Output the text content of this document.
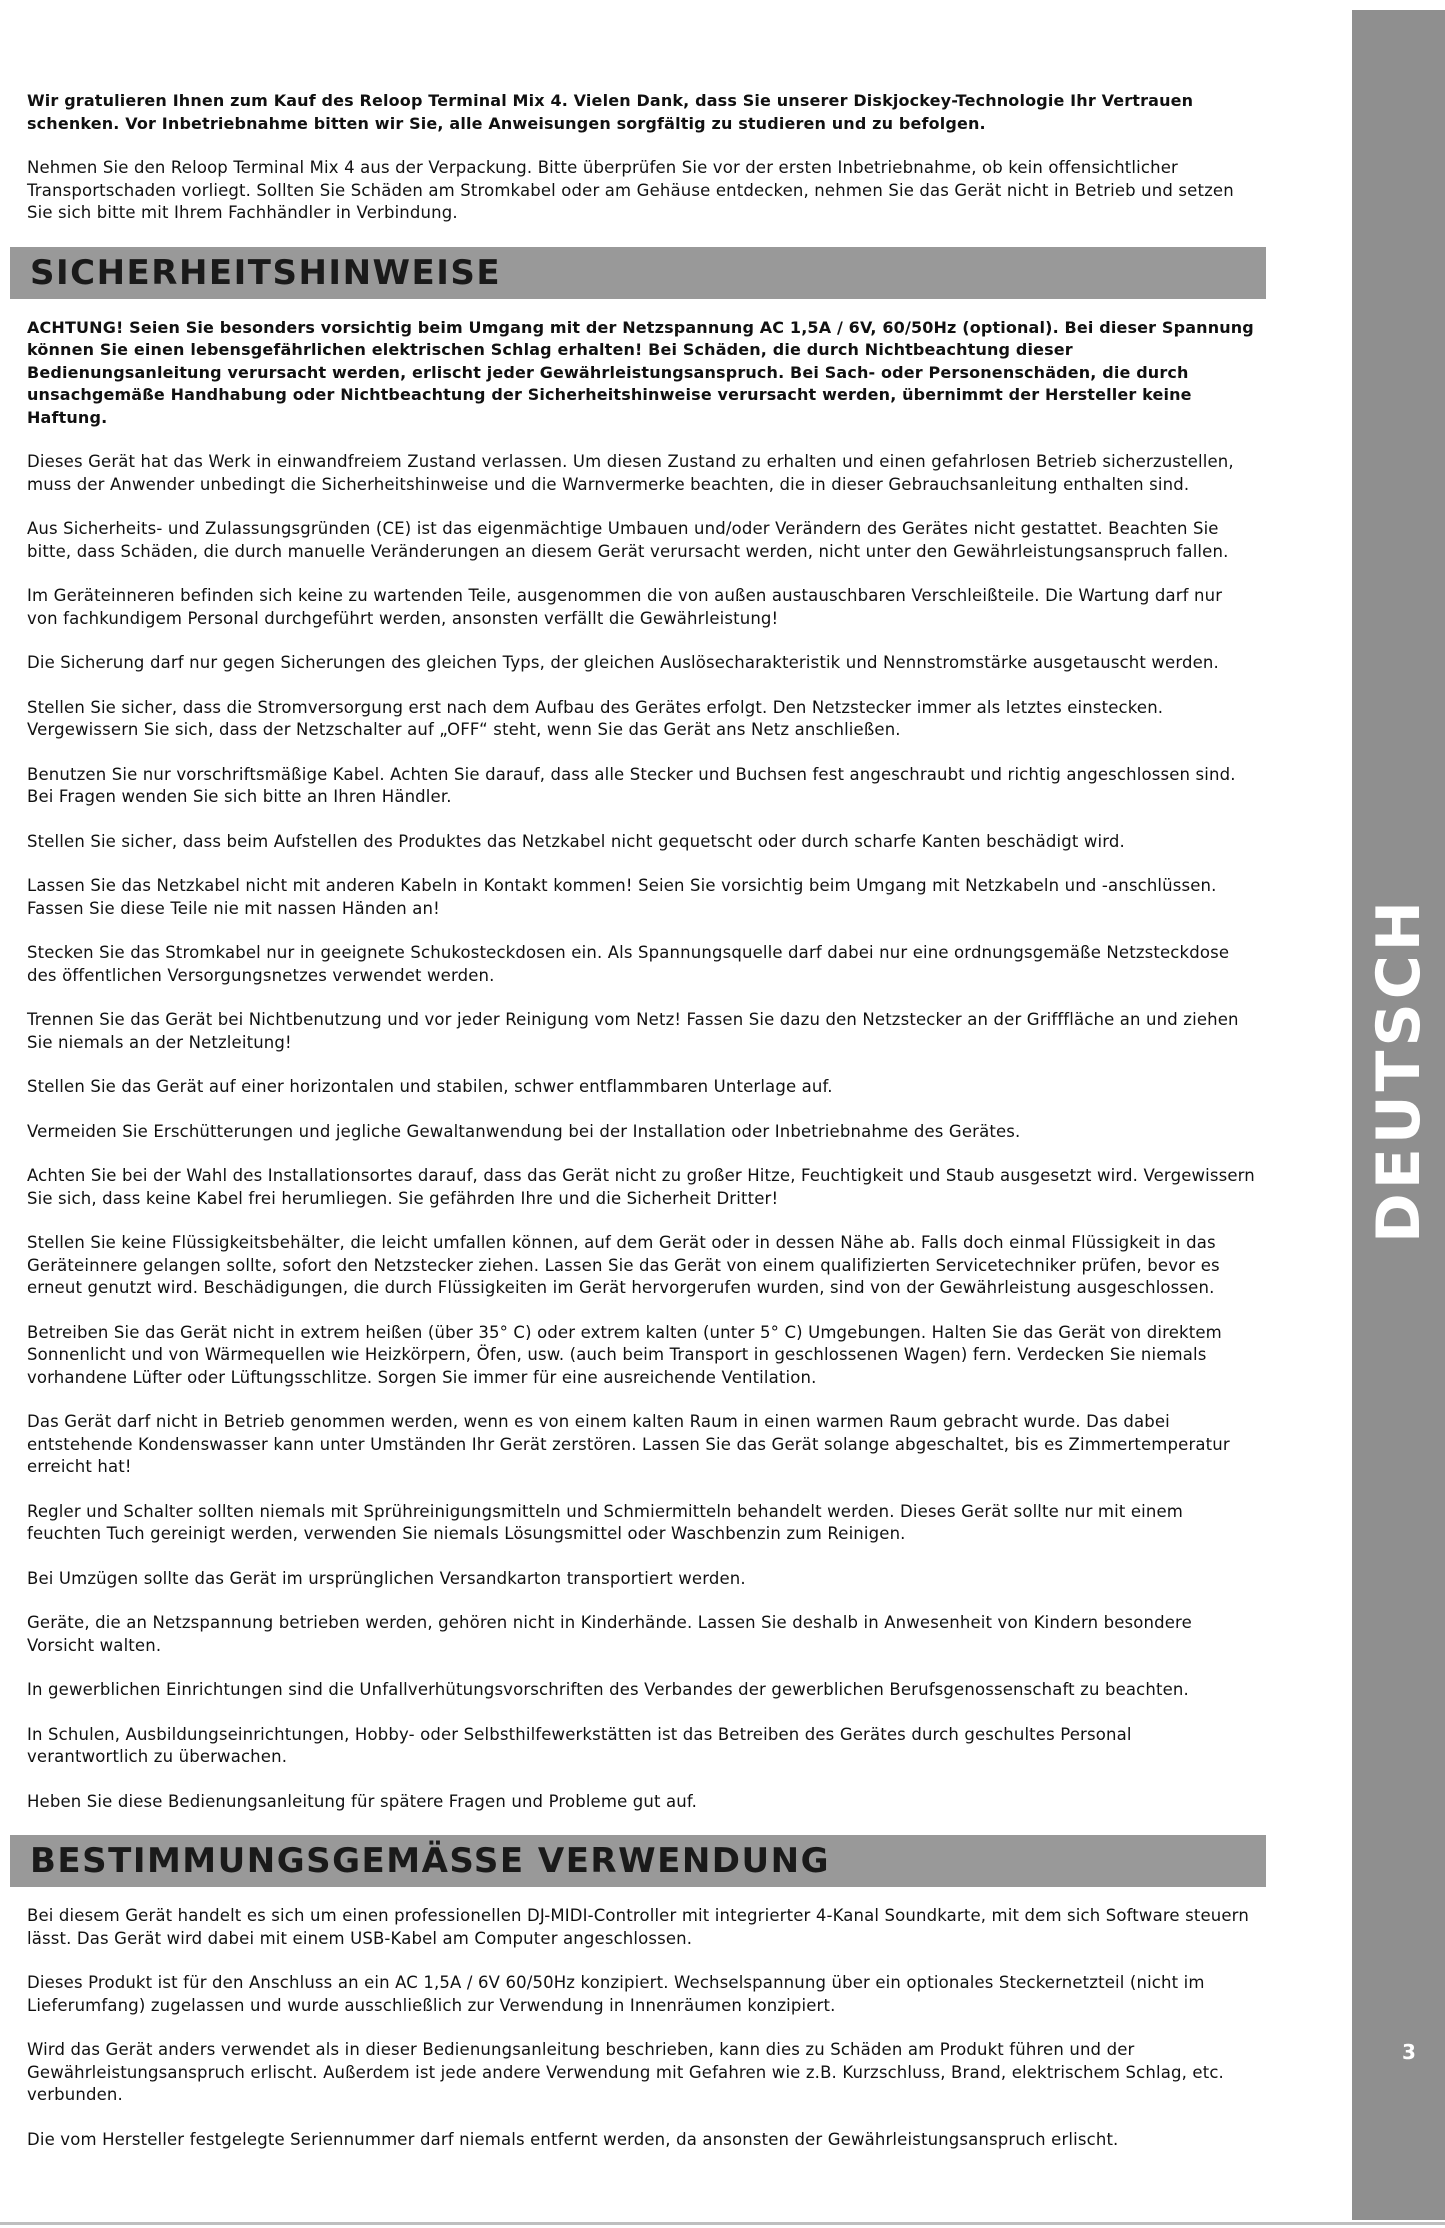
Wir gratulieren Ihnen zum Kauf des Reloop Terminal Mix 4. Vielen Dank, dass Sie unserer Diskjockey-Technologie Ihr Vertrauen schenken. Vor Inbetriebnahme bitten wir Sie, alle Anweisungen sorgfältig zu studieren und zu befolgen.

Nehmen Sie den Reloop Terminal Mix 4 aus der Verpackung. Bitte überprüfen Sie vor der ersten Inbetriebnahme, ob kein offensichtlicher Transportschaden vorliegt. Sollten Sie Schäden am Stromkabel oder am Gehäuse entdecken, nehmen Sie das Gerät nicht in Betrieb und setzen Sie sich bitte mit Ihrem Fachhändler in Verbindung.

SICHERHEITSHINWEISE

ACHTUNG! Seien Sie besonders vorsichtig beim Umgang mit der Netzspannung AC 1,5A / 6V, 60/50Hz (optional). Bei dieser Spannung können Sie einen lebensgefährlichen elektrischen Schlag erhalten! Bei Schäden, die durch Nichtbeachtung dieser Bedienungsanleitung verursacht werden, erlischt jeder Gewährleistungsanspruch. Bei Sach- oder Personenschäden, die durch unsachgemäße Handhabung oder Nichtbeachtung der Sicherheitshinweise verursacht werden, übernimmt der Hersteller keine Haftung.

Dieses Gerät hat das Werk in einwandfreiem Zustand verlassen. Um diesen Zustand zu erhalten und einen gefahrlosen Betrieb sicherzustellen, muss der Anwender unbedingt die Sicherheitshinweise und die Warnvermerke beachten, die in dieser Gebrauchsanleitung enthalten sind.

Aus Sicherheits- und Zulassungsgründen (CE) ist das eigenmächtige Umbauen und/oder Verändern des Gerätes nicht gestattet. Beachten Sie bitte, dass Schäden, die durch manuelle Veränderungen an diesem Gerät verursacht werden, nicht unter den Gewährleistungsanspruch fallen.

Im Geräteinneren befinden sich keine zu wartenden Teile, ausgenommen die von außen austauschbaren Verschleißteile. Die Wartung darf nur von fachkundigem Personal durchgeführt werden, ansonsten verfällt die Gewährleistung!

Die Sicherung darf nur gegen Sicherungen des gleichen Typs, der gleichen Auslösecharakteristik und Nennstromstärke ausgetauscht werden.

Stellen Sie sicher, dass die Stromversorgung erst nach dem Aufbau des Gerätes erfolgt. Den Netzstecker immer als letztes einstecken. Vergewissern Sie sich, dass der Netzschalter auf „OFF“ steht, wenn Sie das Gerät ans Netz anschließen.

Benutzen Sie nur vorschriftsmäßige Kabel. Achten Sie darauf, dass alle Stecker und Buchsen fest angeschraubt und richtig angeschlossen sind. Bei Fragen wenden Sie sich bitte an Ihren Händler.

Stellen Sie sicher, dass beim Aufstellen des Produktes das Netzkabel nicht gequetscht oder durch scharfe Kanten beschädigt wird.

Lassen Sie das Netzkabel nicht mit anderen Kabeln in Kontakt kommen! Seien Sie vorsichtig beim Umgang mit Netzkabeln und -anschlüssen. Fassen Sie diese Teile nie mit nassen Händen an!

Stecken Sie das Stromkabel nur in geeignete Schukosteckdosen ein. Als Spannungsquelle darf dabei nur eine ordnungsgemäße Netzsteckdose des öffentlichen Versorgungsnetzes verwendet werden.

Trennen Sie das Gerät bei Nichtbenutzung und vor jeder Reinigung vom Netz! Fassen Sie dazu den Netzstecker an der Grifffläche an und ziehen Sie niemals an der Netzleitung!

Stellen Sie das Gerät auf einer horizontalen und stabilen, schwer entflammbaren Unterlage auf.

Vermeiden Sie Erschütterungen und jegliche Gewaltanwendung bei der Installation oder Inbetriebnahme des Gerätes.

Achten Sie bei der Wahl des Installationsortes darauf, dass das Gerät nicht zu großer Hitze, Feuchtigkeit und Staub ausgesetzt wird. Vergewissern Sie sich, dass keine Kabel frei herumliegen. Sie gefährden Ihre und die Sicherheit Dritter!

Stellen Sie keine Flüssigkeitsbehälter, die leicht umfallen können, auf dem Gerät oder in dessen Nähe ab. Falls doch einmal Flüssigkeit in das Geräteinnere gelangen sollte, sofort den Netzstecker ziehen. Lassen Sie das Gerät von einem qualifizierten Servicetechniker prüfen, bevor es erneut genutzt wird. Beschädigungen, die durch Flüssigkeiten im Gerät hervorgerufen wurden, sind von der Gewährleistung ausgeschlossen.

Betreiben Sie das Gerät nicht in extrem heißen (über 35° C) oder extrem kalten (unter 5° C) Umgebungen. Halten Sie das Gerät von direktem Sonnenlicht und von Wärmequellen wie Heizkörpern, Öfen, usw. (auch beim Transport in geschlossenen Wagen) fern. Verdecken Sie niemals vorhandene Lüfter oder Lüftungsschlitze. Sorgen Sie immer für eine ausreichende Ventilation.

Das Gerät darf nicht in Betrieb genommen werden, wenn es von einem kalten Raum in einen warmen Raum gebracht wurde. Das dabei entstehende Kondenswasser kann unter Umständen Ihr Gerät zerstören. Lassen Sie das Gerät solange abgeschaltet, bis es Zimmertemperatur erreicht hat!

Regler und Schalter sollten niemals mit Sprühreinigungsmitteln und Schmiermitteln behandelt werden. Dieses Gerät sollte nur mit einem feuchten Tuch gereinigt werden, verwenden Sie niemals Lösungsmittel oder Waschbenzin zum Reinigen.

Bei Umzügen sollte das Gerät im ursprünglichen Versandkarton transportiert werden.

Geräte, die an Netzspannung betrieben werden, gehören nicht in Kinderhände. Lassen Sie deshalb in Anwesenheit von Kindern besondere Vorsicht walten.

In gewerblichen Einrichtungen sind die Unfallverhütungsvorschriften des Verbandes der gewerblichen Berufsgenossenschaft zu beachten.

In Schulen, Ausbildungseinrichtungen, Hobby- oder Selbsthilfewerkstätten ist das Betreiben des Gerätes durch geschultes Personal verantwortlich zu überwachen.

Heben Sie diese Bedienungsanleitung für spätere Fragen und Probleme gut auf.

BESTIMMUNGSGEMÄSSE VERWENDUNG

Bei diesem Gerät handelt es sich um einen professionellen DJ-MIDI-Controller mit integrierter 4-Kanal Soundkarte, mit dem sich Software steuern lässt. Das Gerät wird dabei mit einem USB-Kabel am Computer angeschlossen.

Dieses Produkt ist für den Anschluss an ein AC 1,5A / 6V 60/50Hz konzipiert. Wechselspannung über ein optionales Steckernetzteil (nicht im Lieferumfang) zugelassen und wurde ausschließlich zur Verwendung in Innenräumen konzipiert.

Wird das Gerät anders verwendet als in dieser Bedienungsanleitung beschrieben, kann dies zu Schäden am Produkt führen und der Gewährleistungsanspruch erlischt. Außerdem ist jede andere Verwendung mit Gefahren wie z.B. Kurzschluss, Brand, elektrischem Schlag, etc. verbunden.

Die vom Hersteller festgelegte Seriennummer darf niemals entfernt werden, da ansonsten der Gewährleistungsanspruch erlischt.

DEUTSCH
3
